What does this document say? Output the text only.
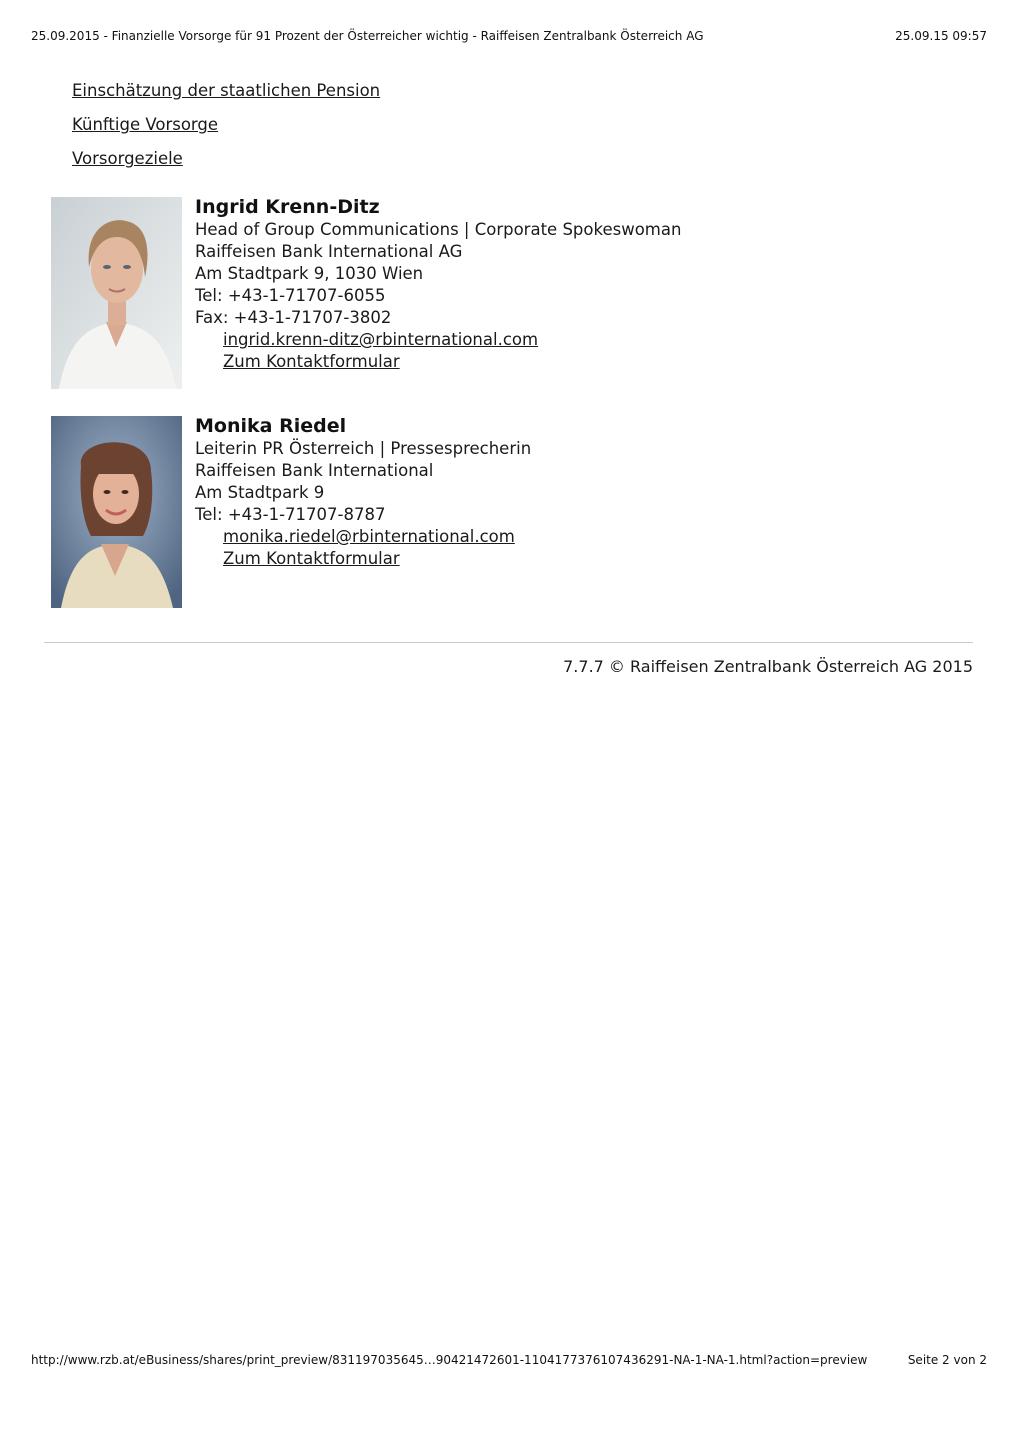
25.09.2015 - Finanzielle Vorsorge für 91 Prozent der Österreicher wichtig - Raiffeisen Zentralbank Österreich AG	25.09.15 09:57
Einschätzung der staatlichen Pension
Künftige Vorsorge
Vorsorgeziele
Ingrid Krenn-Ditz
Head of Group Communications | Corporate Spokeswoman
Raiffeisen Bank International AG
Am Stadtpark 9, 1030 Wien
Tel: +43-1-71707-6055
Fax: +43-1-71707-3802
ingrid.krenn-ditz@rbinternational.com
Zum Kontaktformular
Monika Riedel
Leiterin PR Österreich | Pressesprecherin
Raiffeisen Bank International
Am Stadtpark 9
Tel: +43-1-71707-8787
monika.riedel@rbinternational.com
Zum Kontaktformular
7.7.7 © Raiffeisen Zentralbank Österreich AG 2015
http://www.rzb.at/eBusiness/shares/print_preview/831197035645…90421472601-1104177376107436291-NA-1-NA-1.html?action=preview	Seite 2 von 2
